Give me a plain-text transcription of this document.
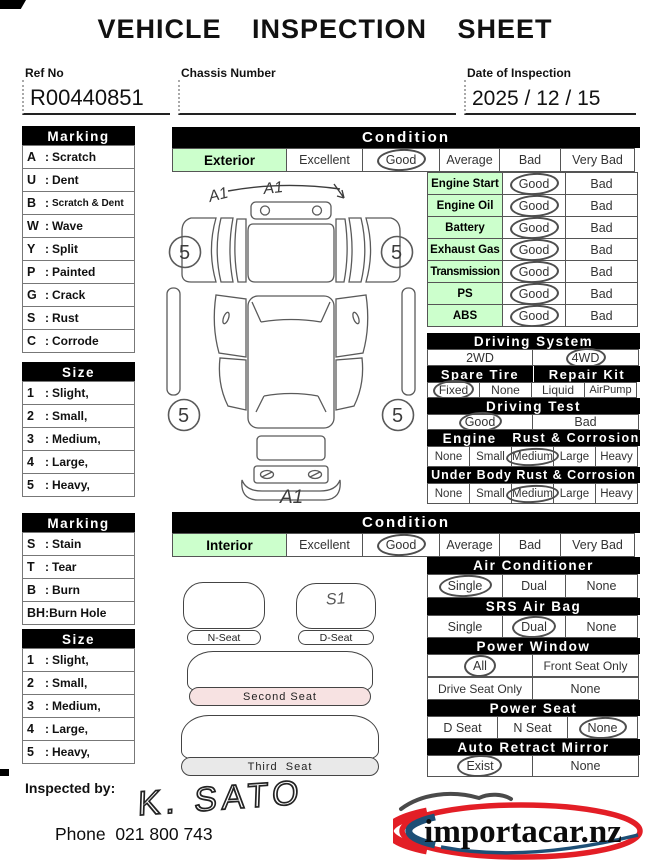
VEHICLE INSPECTION SHEET
Ref No
R00440851
Chassis Number	Date of Inspection
2025 / 12 / 15
Marking
A : Scratch
U : Dent
B : Scratch & Dent
W : Wave
Y : Split
P : Painted
G : Crack
S : Rust
C : Corrode
Size
1 : Slight,
2 : Small,
3 : Medium,
4 : Large,
5 : Heavy,
Condition
Exterior	Excellent	Good Average Bad Very Bad
Engine Start	Good	Bad
Engine Oil	Good	Bad
Battery	Good	Bad
Exhaust Gas Good	Bad
Transmission Good	Bad
PS	Good	Bad
ABS	Good	Bad
Driving System
2WD	4WD
Spare Tire	Repair Kit
Fixed None Liquid AirPump
Driving Test
Good	Bad
Engine	Rust & Corrosion
None Small Medium Large Heavy
Under Body Rust & Corrosion
None Small Medium Large Heavy
5	5
5	5
A1 A1
A1
Marking
S : Stain
T : Tear
B : Burn
BH : Burn Hole
Size
1 : Slight,
2 : Small,
3 : Medium,
4 : Large,
5 : Heavy,
Condition
Interior	Excellent	Good Average Bad Very Bad
Air Conditioner
Single	Dual	None
SRS Air Bag
Single	Dual	None
Power Window
All	Front Seat Only
Drive Seat Only	None
Power Seat
D Seat	N Seat	None
Auto Retract Mirror
Exist	None
N-Seat
S1
D-Seat
Second Seat
Third  Seat
Inspected by: K. SATO
Phone  021 800 743	importacar.nz
